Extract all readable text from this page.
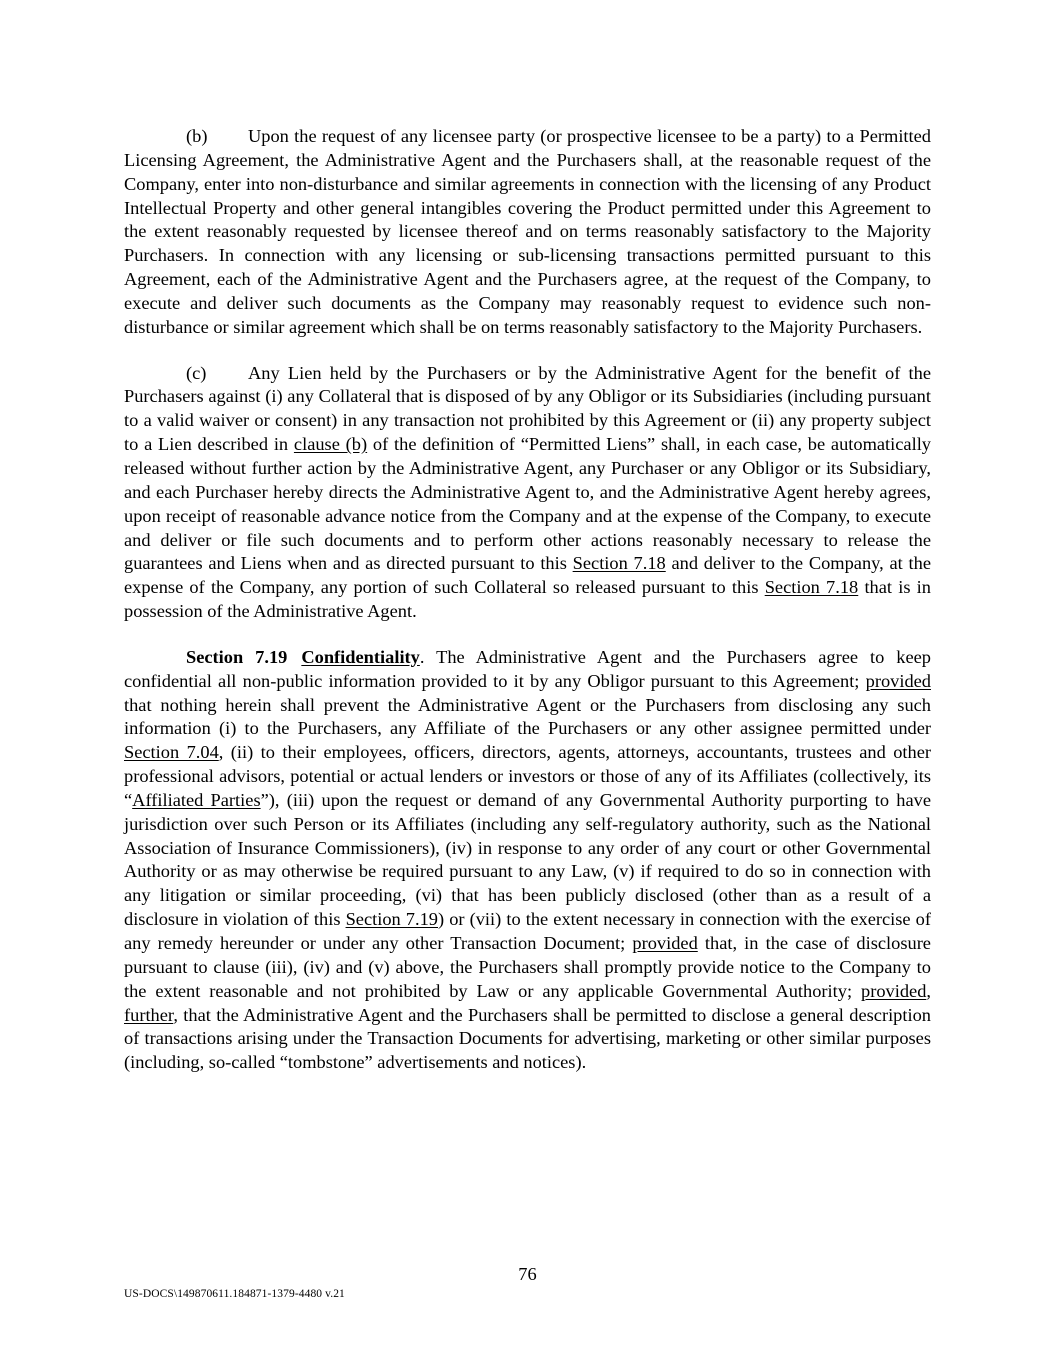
(b) Upon the request of any licensee party (or prospective licensee to be a party) to a Permitted Licensing Agreement, the Administrative Agent and the Purchasers shall, at the reasonable request of the Company, enter into non-disturbance and similar agreements in connection with the licensing of any Product Intellectual Property and other general intangibles covering the Product permitted under this Agreement to the extent reasonably requested by licensee thereof and on terms reasonably satisfactory to the Majority Purchasers. In connection with any licensing or sub-licensing transactions permitted pursuant to this Agreement, each of the Administrative Agent and the Purchasers agree, at the request of the Company, to execute and deliver such documents as the Company may reasonably request to evidence such non-disturbance or similar agreement which shall be on terms reasonably satisfactory to the Majority Purchasers.

(c) Any Lien held by the Purchasers or by the Administrative Agent for the benefit of the Purchasers against (i) any Collateral that is disposed of by any Obligor or its Subsidiaries (including pursuant to a valid waiver or consent) in any transaction not prohibited by this Agreement or (ii) any property subject to a Lien described in clause (b) of the definition of “Permitted Liens” shall, in each case, be automatically released without further action by the Administrative Agent, any Purchaser or any Obligor or its Subsidiary, and each Purchaser hereby directs the Administrative Agent to, and the Administrative Agent hereby agrees, upon receipt of reasonable advance notice from the Company and at the expense of the Company, to execute and deliver or file such documents and to perform other actions reasonably necessary to release the guarantees and Liens when and as directed pursuant to this Section 7.18 and deliver to the Company, at the expense of the Company, any portion of such Collateral so released pursuant to this Section 7.18 that is in possession of the Administrative Agent.

Section 7.19 Confidentiality. The Administrative Agent and the Purchasers agree to keep confidential all non-public information provided to it by any Obligor pursuant to this Agreement; provided that nothing herein shall prevent the Administrative Agent or the Purchasers from disclosing any such information (i) to the Purchasers, any Affiliate of the Purchasers or any other assignee permitted under Section 7.04, (ii) to their employees, officers, directors, agents, attorneys, accountants, trustees and other professional advisors, potential or actual lenders or investors or those of any of its Affiliates (collectively, its “Affiliated Parties”), (iii) upon the request or demand of any Governmental Authority purporting to have jurisdiction over such Person or its Affiliates (including any self-regulatory authority, such as the National Association of Insurance Commissioners), (iv) in response to any order of any court or other Governmental Authority or as may otherwise be required pursuant to any Law, (v) if required to do so in connection with any litigation or similar proceeding, (vi) that has been publicly disclosed (other than as a result of a disclosure in violation of this Section 7.19) or (vii) to the extent necessary in connection with the exercise of any remedy hereunder or under any other Transaction Document; provided that, in the case of disclosure pursuant to clause (iii), (iv) and (v) above, the Purchasers shall promptly provide notice to the Company to the extent reasonable and not prohibited by Law or any applicable Governmental Authority; provided, further, that the Administrative Agent and the Purchasers shall be permitted to disclose a general description of transactions arising under the Transaction Documents for advertising, marketing or other similar purposes (including, so-called “tombstone” advertisements and notices).

76
US-DOCS\149870611.184871-1379-4480 v.21
